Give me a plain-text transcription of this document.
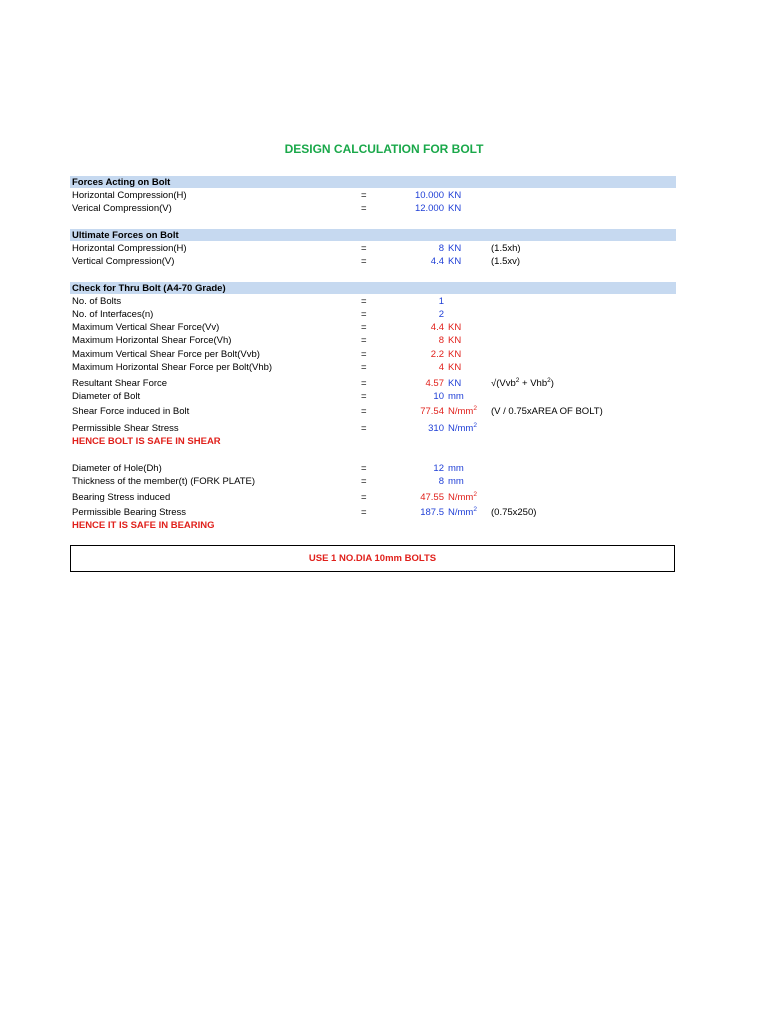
DESIGN CALCULATION FOR BOLT
Forces Acting on Bolt
Horizontal Compression(H)	=	10.000 KN
Verical Compression(V)	=	12.000 KN
Ultimate Forces on Bolt
Horizontal Compression(H)	=	8 KN	(1.5xh)
Vertical Compression(V)	=	4.4 KN	(1.5xv)
Check for Thru Bolt (A4-70 Grade)
No. of Bolts	=	1
No. of Interfaces(n)	=	2
Maximum Vertical Shear Force(Vv)	=	4.4 KN
Maximum Horizontal Shear Force(Vh)	=	8 KN
Maximum Vertical Shear Force per Bolt(Vvb)	=	2.2 KN
Maximum Horizontal Shear Force per Bolt(Vhb)	=	4 KN
Resultant Shear Force	=	4.57 KN	√(Vvb$^2$ + Vhb$^2$)
Diameter of Bolt	=	10 mm
Shear Force induced in Bolt	=	77.54 $N/mm^2$ (V / 0.75xAREA OF BOLT)
Permissible Shear Stress	=	310 $N/mm^2$
HENCE BOLT IS SAFE IN SHEAR
Diameter of Hole(Dh)	=	12 mm
Thickness of the member(t) (FORK PLATE)	=	8 mm
Bearing Stress induced	=	47.55 $N/mm^2$
Permissible Bearing Stress	=	187.5 $N/mm^2$ (0.75x250)
HENCE IT IS SAFE IN BEARING
USE 1 NO.DIA 10mm BOLTS
